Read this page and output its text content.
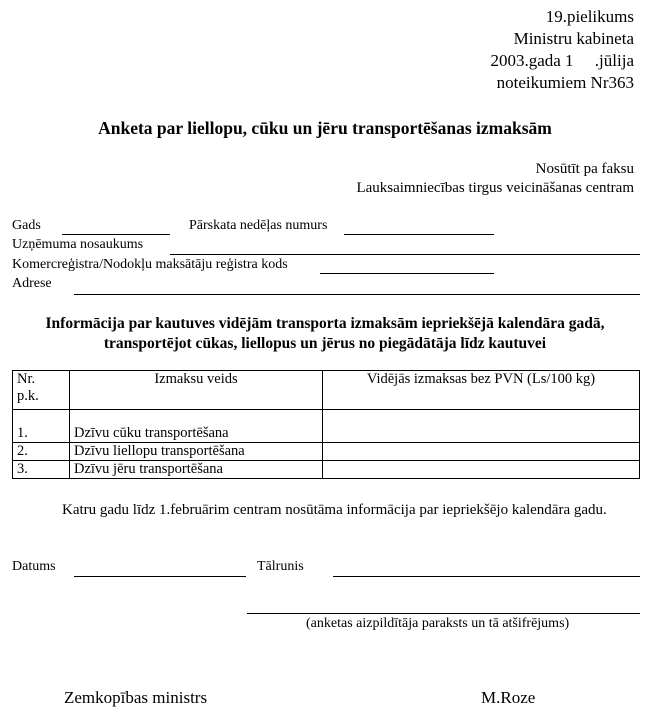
19.pielikums
Ministru kabineta
2003.gada 1     .jūlija
noteikumiem Nr363
Anketa par liellopu, cūku un jēru transportēšanas izmaksām
Nosūtīt pa faksu
Lauksaimniecības tirgus veicināšanas centram
Gads	Pārskata nedēļas numurs
Uzņēmuma nosaukums
Komercreģistra/Nodokļu maksātāju reģistra kods
Adrese
Informācija par kautuves vidējām transporta izmaksām iepriekšējā kalendāra gadā,
transportējot cūkas, liellopus un jērus no piegādātāja līdz kautuvei
Nr.
p.k.	Izmaksu veids	Vidējās izmaksas bez PVN (Ls/100 kg)

1.	Dzīvu cūku transportēšana	
2.	Dzīvu liellopu transportēšana	
3.	Dzīvu jēru transportēšana	
Katru gadu līdz 1.februārim centram nosūtāma informācija par iepriekšējo kalendāra gadu.
Datums	Tālrunis
(anketas aizpildītāja paraksts un tā atšifrējums)
Zemkopības ministrs	M.Roze
